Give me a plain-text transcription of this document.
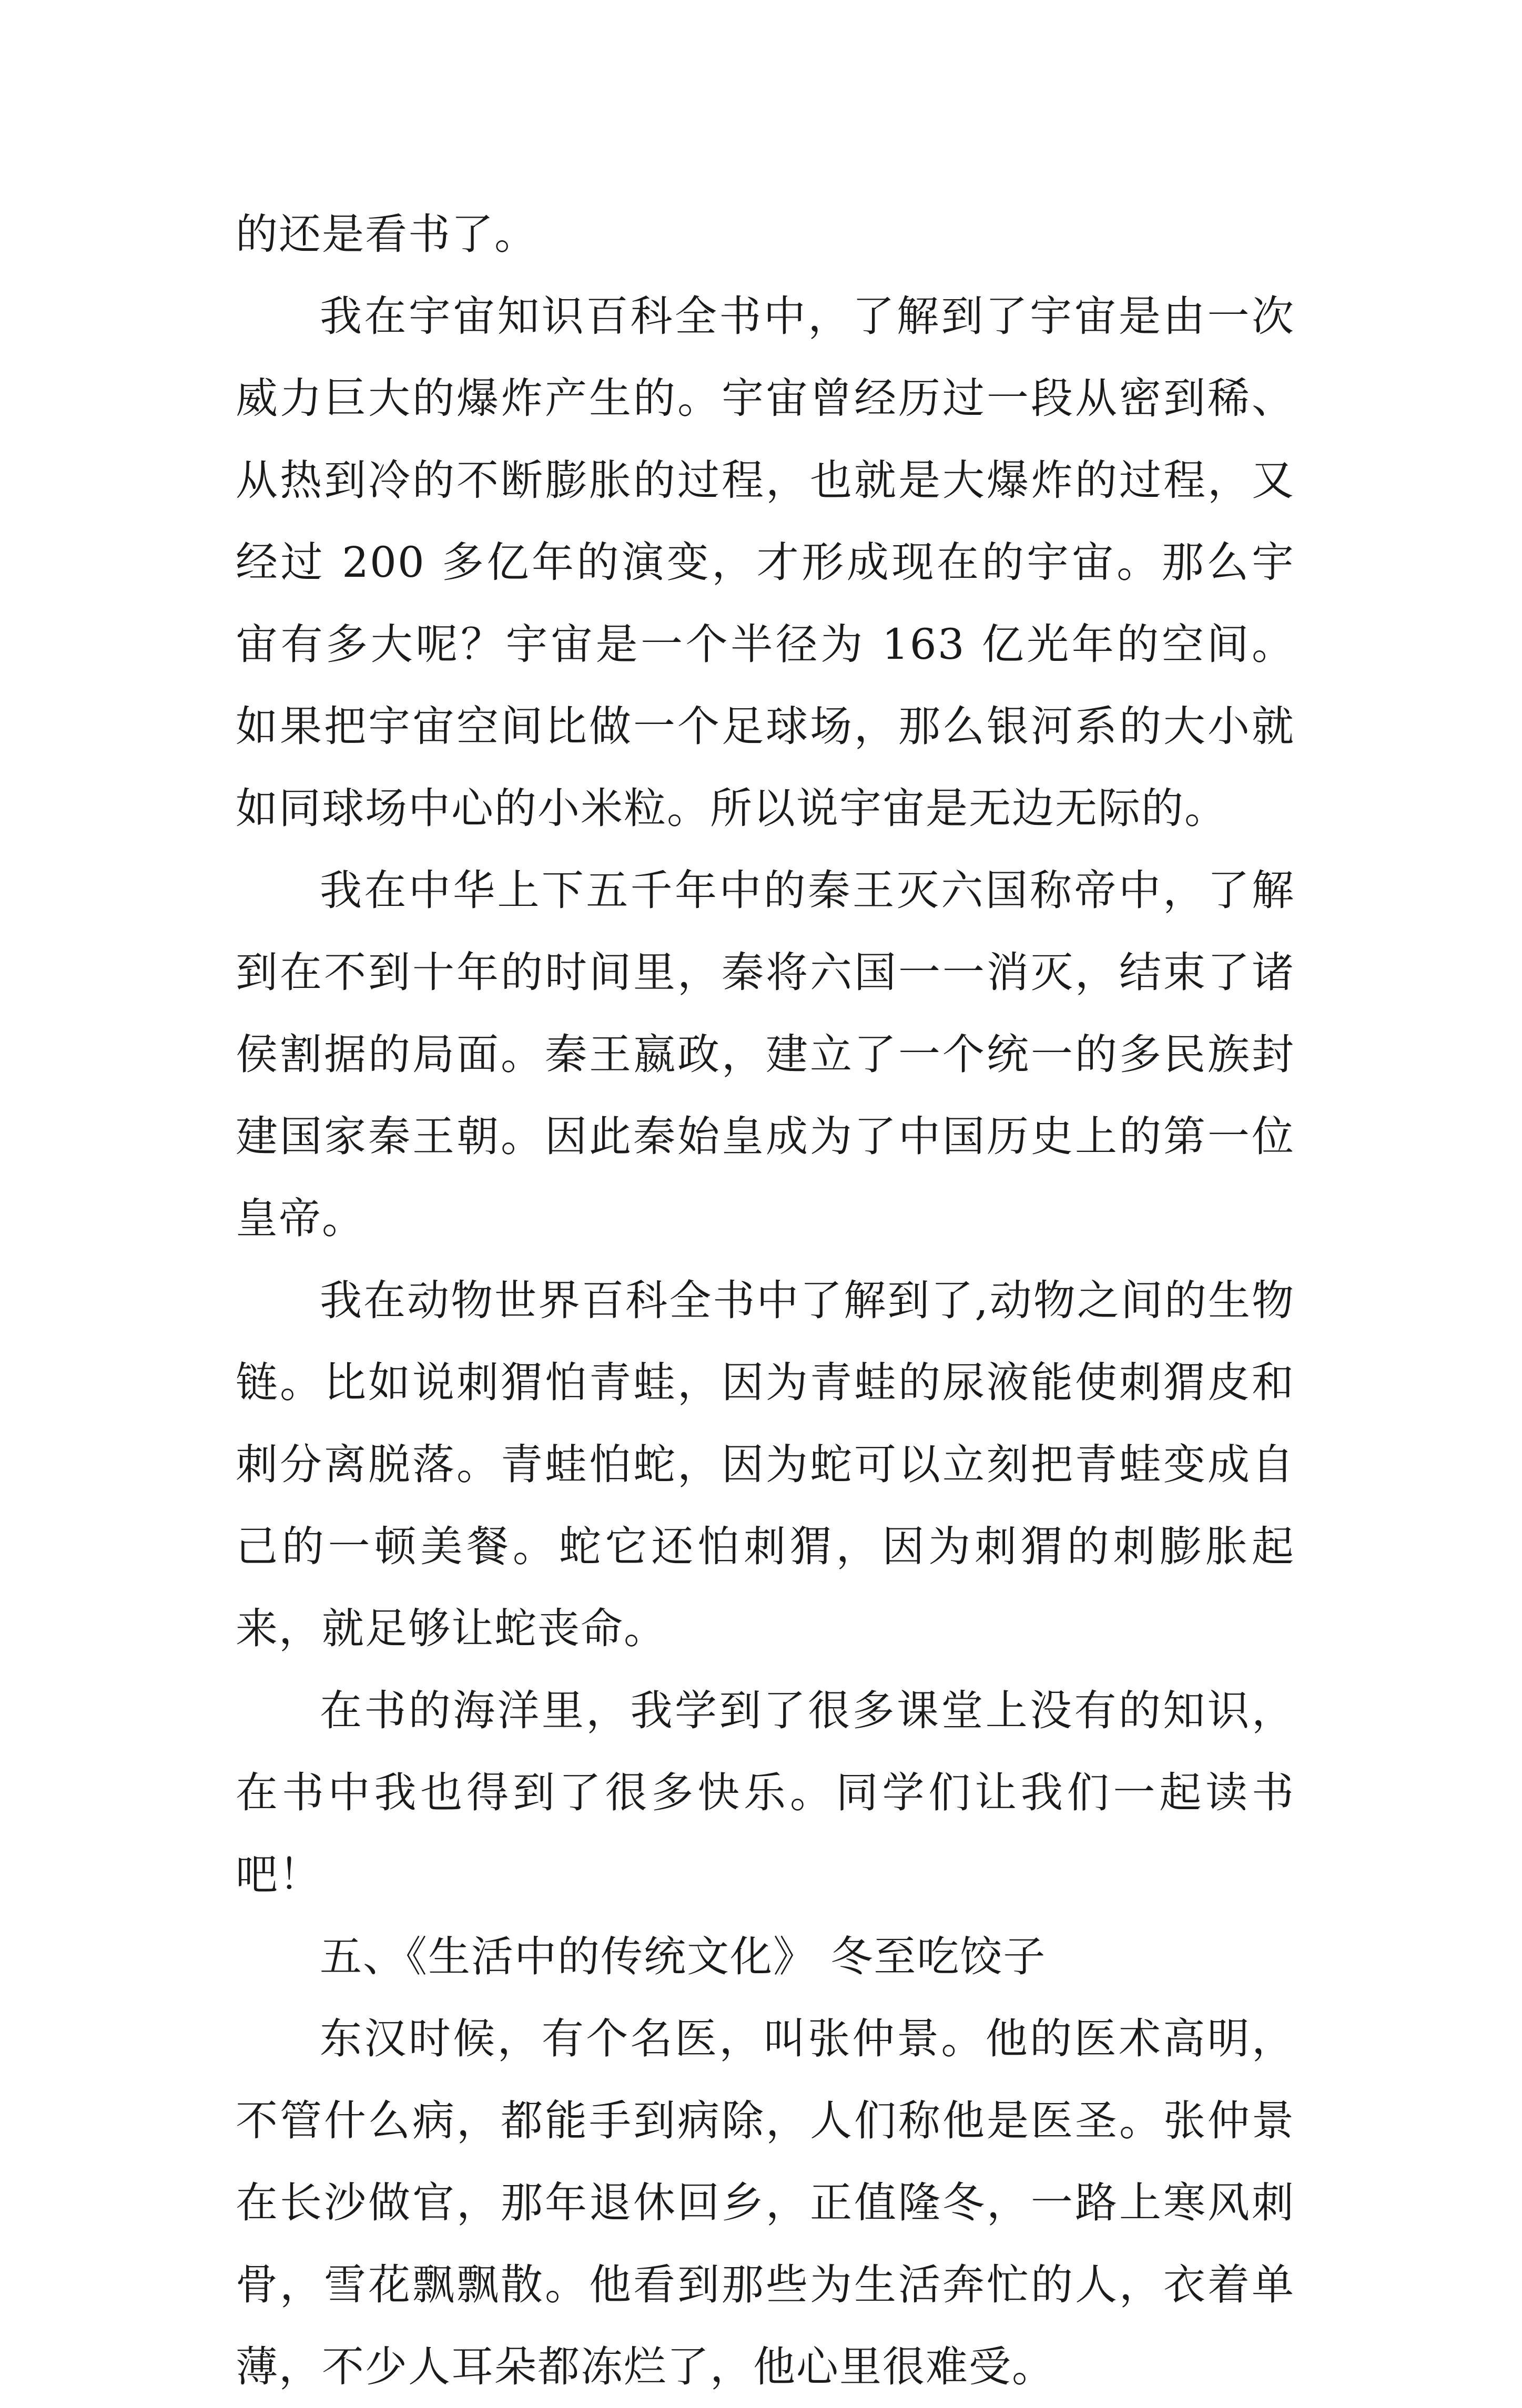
的还是看书了。

我在宇宙知识百科全书中，了解到了宇宙是由一次威力巨大的爆炸产生的。宇宙曾经历过一段从密到稀、从热到冷的不断膨胀的过程，也就是大爆炸的过程，又经过 200 多亿年的演变，才形成现在的宇宙。那么宇宙有多大呢？宇宙是一个半径为 163 亿光年的空间。如果把宇宙空间比做一个足球场，那么银河系的大小就如同球场中心的小米粒。所以说宇宙是无边无际的。

我在中华上下五千年中的秦王灭六国称帝中，了解到在不到十年的时间里，秦将六国一一消灭，结束了诸侯割据的局面。秦王嬴政，建立了一个统一的多民族封建国家秦王朝。因此秦始皇成为了中国历史上的第一位皇帝。

我在动物世界百科全书中了解到了,动物之间的生物链。比如说刺猬怕青蛙，因为青蛙的尿液能使刺猬皮和刺分离脱落。青蛙怕蛇，因为蛇可以立刻把青蛙变成自己的一顿美餐。蛇它还怕刺猬，因为刺猬的刺膨胀起来，就足够让蛇丧命。

在书的海洋里，我学到了很多课堂上没有的知识，在书中我也得到了很多快乐。同学们让我们一起读书吧！

五、《生活中的传统文化》 冬至吃饺子

东汉时候，有个名医，叫张仲景。他的医术高明，不管什么病，都能手到病除，人们称他是医圣。张仲景在长沙做官，那年退休回乡，正值隆冬，一路上寒风刺骨，雪花飘飘散。他看到那些为生活奔忙的人，衣着单薄，不少人耳朵都冻烂了，他心里很难受。
